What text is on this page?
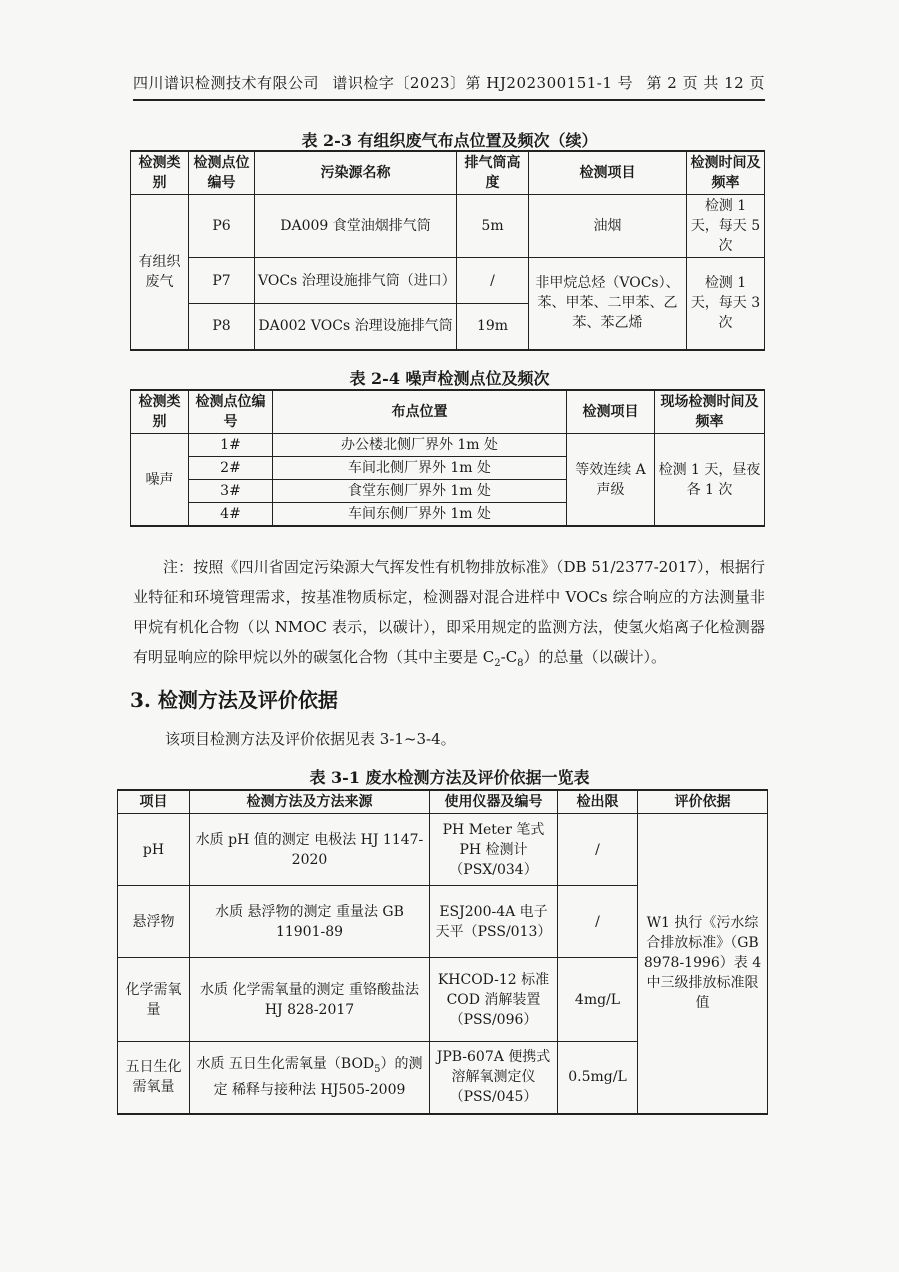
四川谱识检测技术有限公司 谱识检字〔2023〕第 HJ202300151-1 号 第 2 页 共 12 页
表 2-3 有组织废气布点位置及频次（续）
检测类别	检测点位编号	污染源名称	排气筒高度	检测项目	检测时间及频率
有组织废气	P6	DA009 食堂油烟排气筒	5m	油烟	检测 1 天，每天 5 次
	P7	VOCs 治理设施排气筒（进口）	/	非甲烷总烃（VOCs）、苯、甲苯、二甲苯、乙苯、苯乙烯	检测 1 天，每天 3 次
	P8	DA002 VOCs 治理设施排气筒	19m		
表 2-4 噪声检测点位及频次
检测类别	检测点位编号	布点位置	检测项目	现场检测时间及频率
噪声	1#	办公楼北侧厂界外 1m 处	等效连续 A 声级	检测 1 天，昼夜各 1 次
	2#	车间北侧厂界外 1m 处		
	3#	食堂东侧厂界外 1m 处		
	4#	车间东侧厂界外 1m 处		
注：按照《四川省固定污染源大气挥发性有机物排放标准》（DB 51/2377-2017），根据行业特征和环境管理需求，按基准物质标定，检测器对混合进样中 VOCs 综合响应的方法测量非甲烷有机化合物（以 NMOC 表示，以碳计），即采用规定的监测方法，使氢火焰离子化检测器有明显响应的除甲烷以外的碳氢化合物（其中主要是 $C_2-C_8$）的总量（以碳计）。
3. 检测方法及评价依据
该项目检测方法及评价依据见表 3-1~3-4。
表 3-1 废水检测方法及评价依据一览表
项目	检测方法及方法来源	使用仪器及编号	检出限	评价依据
pH	水质 pH 值的测定 电极法 HJ 1147-2020	PH Meter 笔式 PH 检测计（PSX/034）	/	W1 执行《污水综合排放标准》（GB 8978-1996）表 4 中三级排放标准限值
悬浮物	水质 悬浮物的测定 重量法 GB 11901-89	ESJ200-4A 电子天平（PSS/013）	/	
化学需氧量	水质 化学需氧量的测定 重铬酸盐法 HJ 828-2017	KHCOD-12 标准 COD 消解装置（PSS/096）	4mg/L	
五日生化需氧量	水质 五日生化需氧量$(BOD_5)$的测定 稀释与接种法 HJ505-2009	JPB-607A 便携式溶解氧测定仪（PSS/045）	0.5mg/L	
